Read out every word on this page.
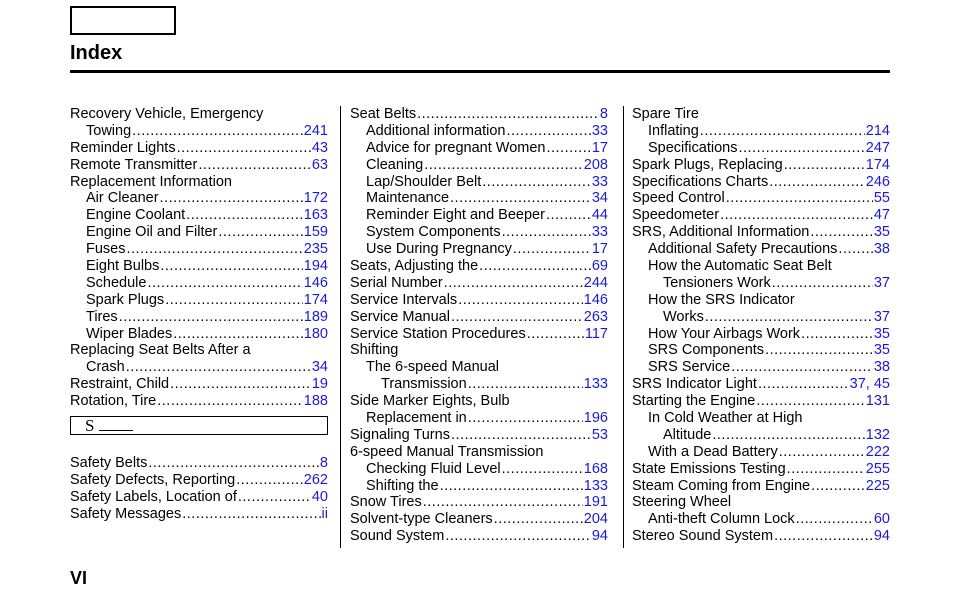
Index
Recovery Vehicle, Emergency
Towing .....	241
Reminder Lights .....	43
Remote Transmitter .....	63
Replacement Information
Air Cleaner .....	172
Engine Coolant .....	163
Engine Oil and Filter .....	159
Fuses .....	235
Eight Bulbs .....	194
Schedule .....	146
Spark Plugs .....	174
Tires .....	189
Wiper Blades .....	180
Replacing Seat Belts After a
Crash .....	34
Restraint, Child .....	19
Rotation, Tire .....	188
S
Safety Belts .....	8
Safety Defects, Reporting .....	262
Safety Labels, Location of .....	40
Safety Messages .....	ii
Seat Belts .....	8
Additional information .....	33
Advice for pregnant Women .....	17
Cleaning .....	208
Lap/Shoulder Belt .....	33
Maintenance .....	34
Reminder Eight and Beeper .....	44
System Components .....	33
Use During Pregnancy .....	17
Seats, Adjusting the .....	69
Serial Number .....	244
Service Intervals .....	146
Service Manual .....	263
Service Station Procedures .....	117
Shifting
The 6-speed Manual
Transmission .....	133
Side Marker Eights, Bulb
Replacement in .....	196
Signaling Turns .....	53
6-speed Manual Transmission
Checking Fluid Level .....	168
Shifting the .....	133
Snow Tires .....	191
Solvent-type Cleaners .....	204
Sound System .....	94
Spare Tire
Inflating .....	214
Specifications .....	247
Spark Plugs, Replacing .....	174
Specifications Charts .....	246
Speed Control .....	55
Speedometer .....	47
SRS, Additional Information .....	35
Additional Safety Precautions .....	38
How the Automatic Seat Belt
Tensioners Work .....	37
How the SRS Indicator
Works .....	37
How Your Airbags Work .....	35
SRS Components .....	35
SRS Service .....	38
SRS Indicator Light .....	37, 45
Starting the Engine .....	131
In Cold Weather at High
Altitude .....	132
With a Dead Battery .....	222
State Emissions Testing .....	255
Steam Coming from Engine .....	225
Steering Wheel
Anti-theft Column Lock .....	60
Stereo Sound System .....	94
VI
